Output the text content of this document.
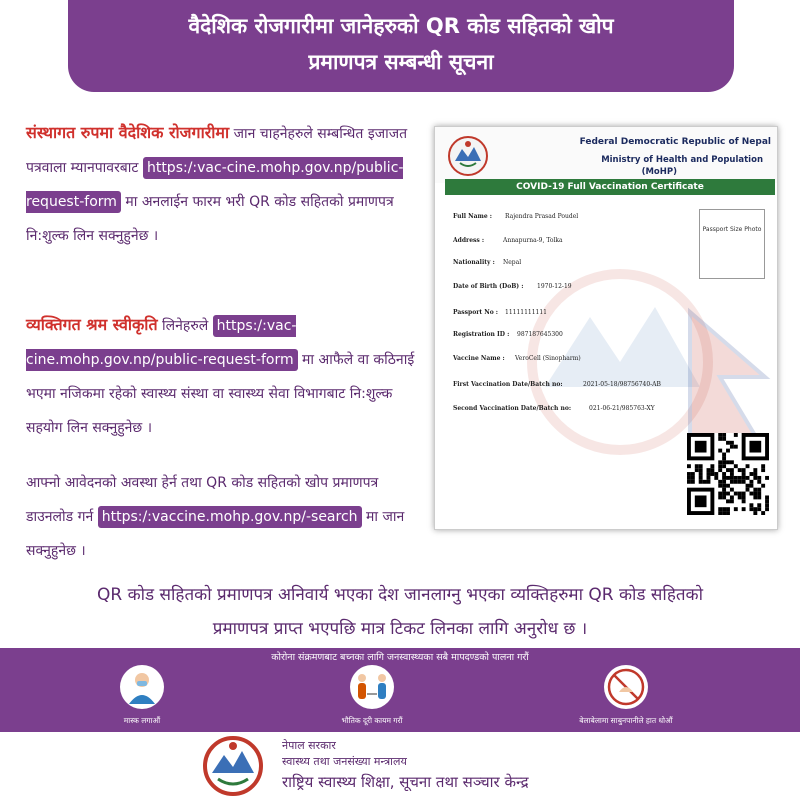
वैदेशिक रोजगारीमा जानेहरुको QR कोड सहितको खोप
प्रमाणपत्र सम्बन्धी सूचना
संस्थागत रुपमा वैदेशिक रोजगारीमा जान चाहनेहरुले सम्बन्धित इजाजत पत्रवाला म्यानपावरबाट https:/:vac-cine.mohp.gov.np/public-request-form मा अनलाईन फारम भरी QR कोड सहितको प्रमाणपत्र नि:शुल्क लिन सक्नुहुनेछ ।
व्यक्तिगत श्रम स्वीकृति लिनेहरुले https:/:vac-cine.mohp.gov.np/public-request-form मा आफैले वा कठिनाई भएमा नजिकमा रहेको स्वास्थ्य संस्था वा स्वास्थ्य सेवा विभागबाट नि:शुल्क सहयोग लिन सक्नुहुनेछ ।
आफ्नो आवेदनको अवस्था हेर्न तथा QR कोड सहितको खोप प्रमाणपत्र डाउनलोड गर्न https:/:vaccine.mohp.gov.np/-search मा जान सक्नुहुनेछ ।
Federal Democratic Republic of Nepal
Ministry of Health and Population
(MoHP)
COVID-19 Full Vaccination Certificate
Passport Size Photo
Full Name : Rajendra Prasad Poudel
Address :	Annapurna-9, Tolka
Nationality : Nepal
Date of Birth (DoB) : 1970-12-19
Passport No : 11111111111
Registration ID : 987187645300
Vaccine Name : VeroCell (Sinopharm)
First Vaccination Date/Batch no:	2021-05-18/98756740-AB
Second Vaccination Date/Batch no:	021-06-21/985763-XY
QR कोड सहितको प्रमाणपत्र अनिवार्य भएका देश जानलाग्नु भएका व्यक्तिहरुमा QR कोड सहितको
प्रमाणपत्र प्राप्त भएपछि मात्र टिकट लिनका लागि अनुरोध छ ।
कोरोना संक्रमणबाट बच्नका लागि जनस्वास्थ्यका सबै मापदण्डको पालना गरौं
मास्क लगाऔं	भौतिक दूरी कायम गरौं	बेलाबेलामा साबुनपानीले हात धोऔं
नेपाल सरकार
स्वास्थ्य तथा जनसंख्या मन्त्रालय
राष्ट्रिय स्वास्थ्य शिक्षा, सूचना तथा सञ्चार केन्द्र
